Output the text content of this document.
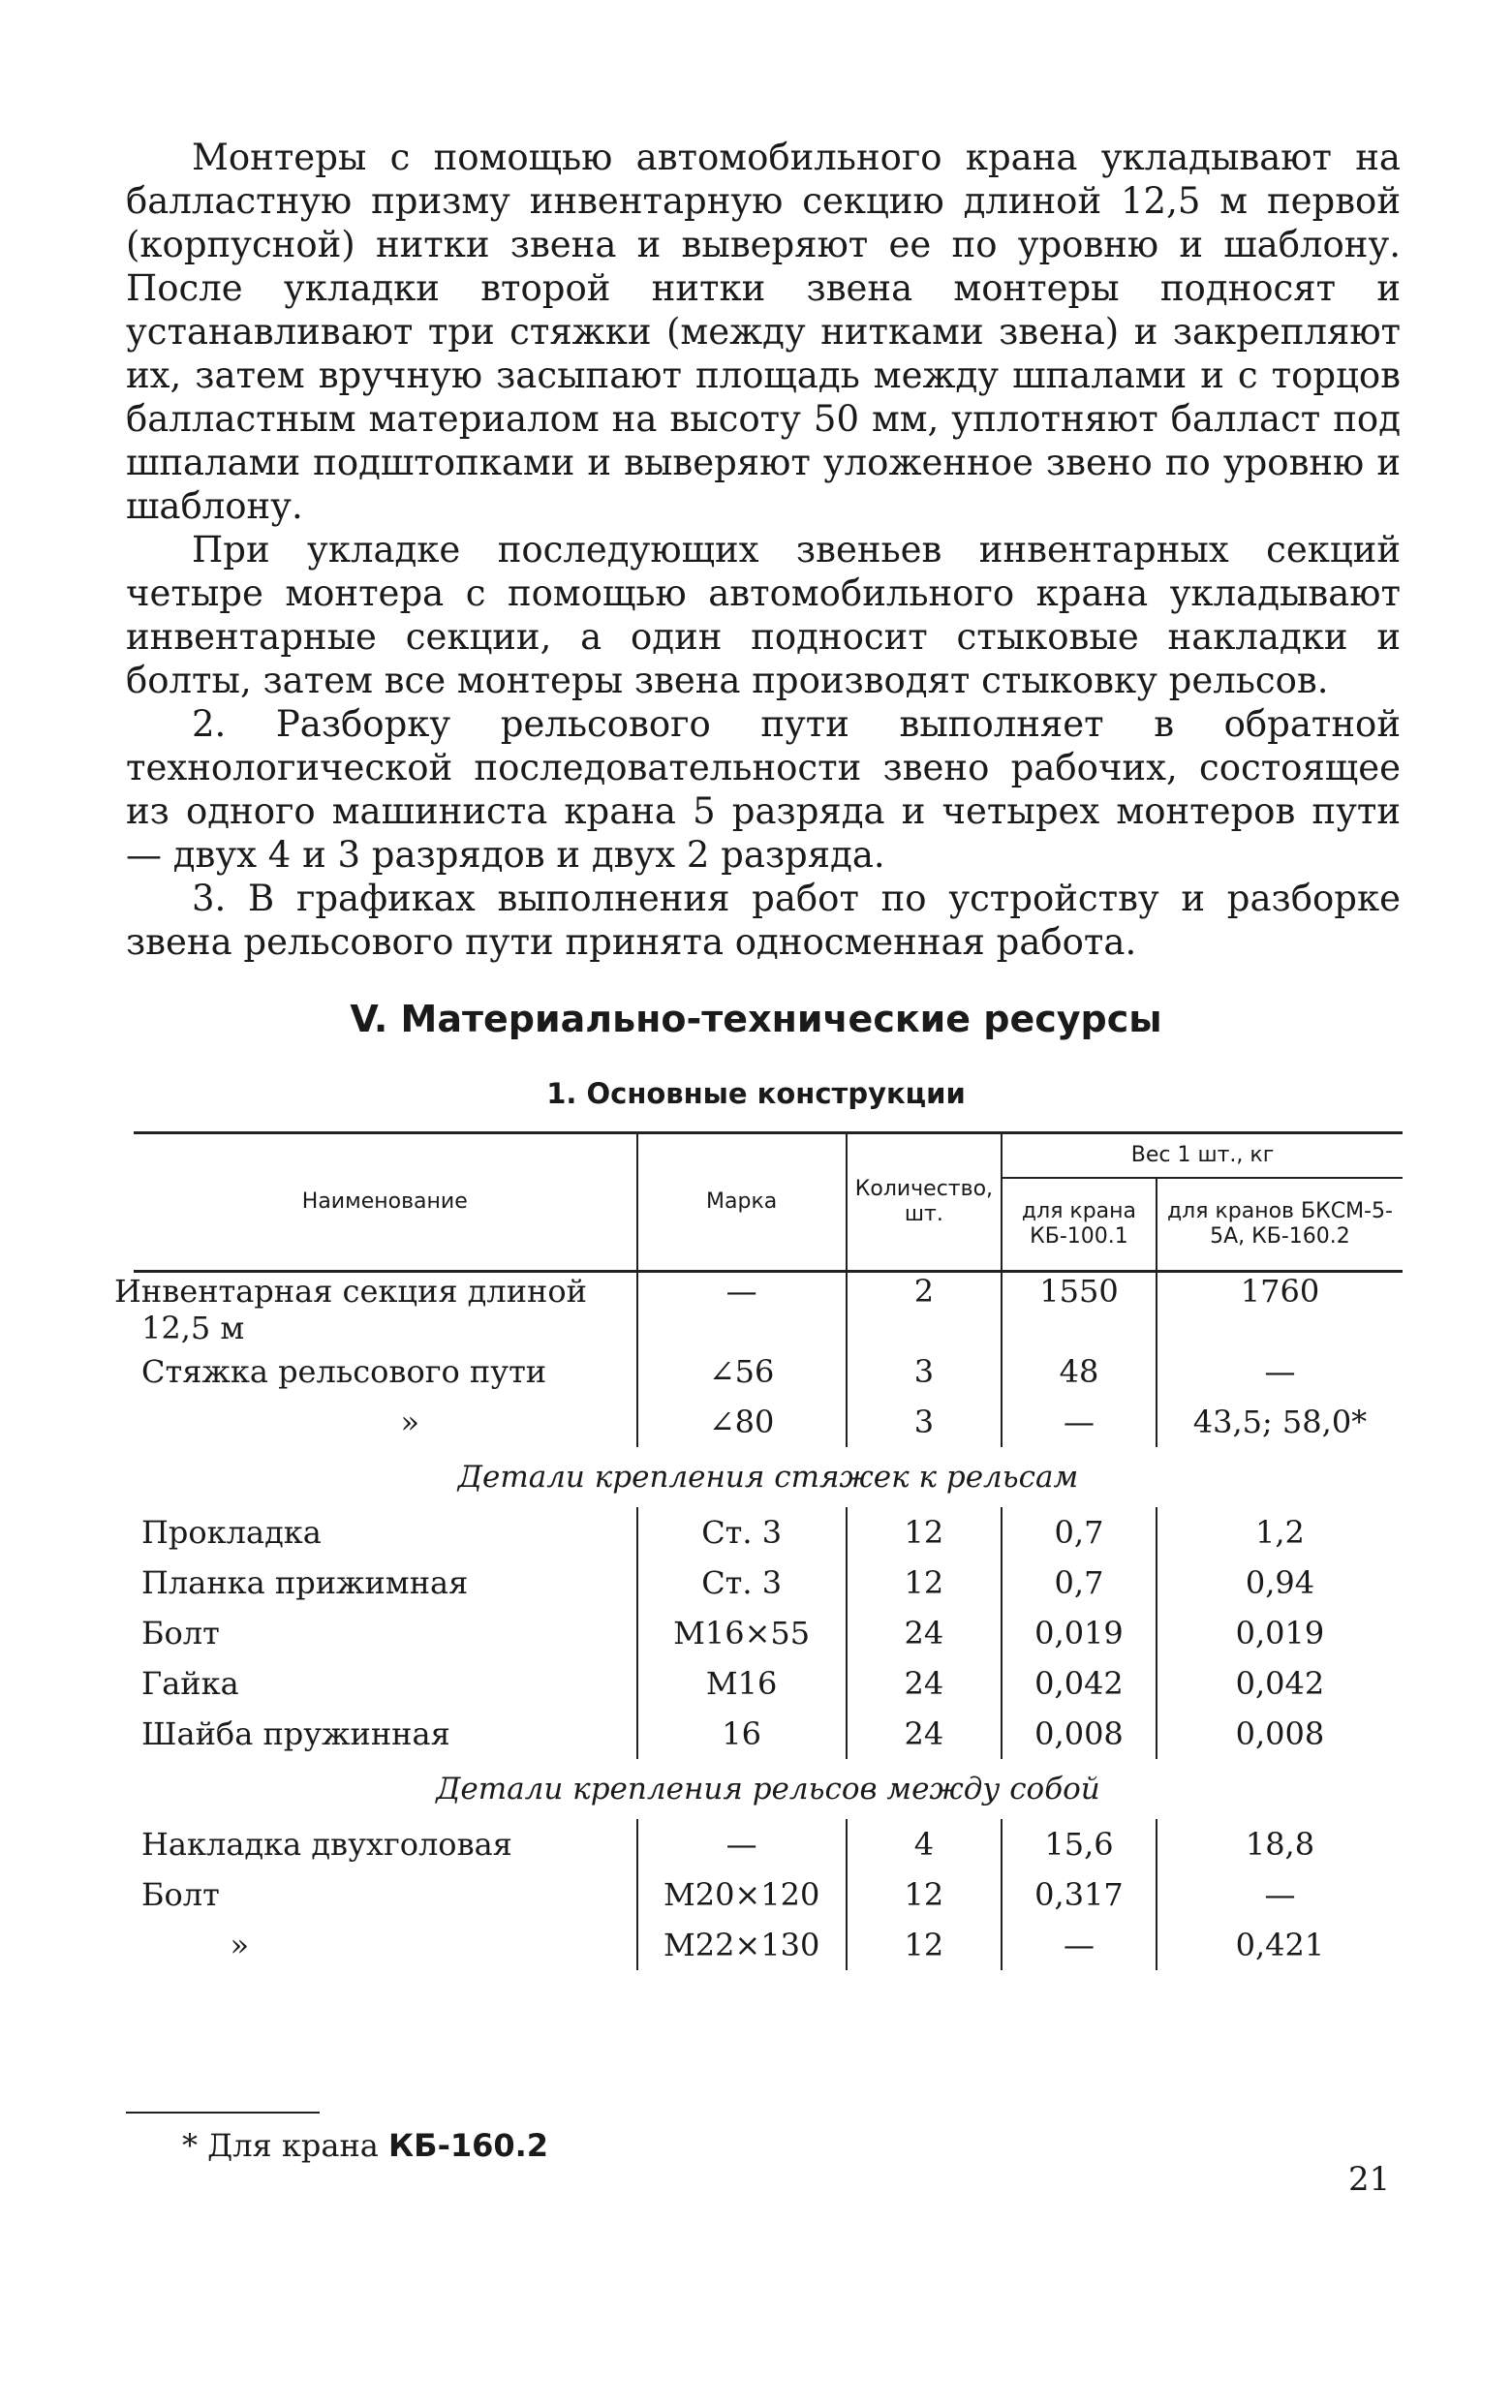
Монтеры с помощью автомобильного крана укладывают на балластную призму инвентарную секцию длиной 12,5 м первой (корпусной) нитки звена и выверяют ее по уровню и шаблону. После укладки второй нитки звена монтеры подносят и устанавливают три стяжки (между нитками звена) и закрепляют их, затем вручную засыпают площадь между шпалами и с торцов балластным материалом на высоту 50 мм, уплотняют балласт под шпалами подштопками и выверяют уложенное звено по уровню и шаблону.

При укладке последующих звеньев инвентарных секций четыре монтера с помощью автомобильного крана укладывают инвентарные секции, а один подносит стыковые накладки и болты, затем все монтеры звена производят стыковку рельсов.

2. Разборку рельсового пути выполняет в обратной технологической последовательности звено рабочих, состоящее из одного машиниста крана 5 разряда и четырех монтеров пути — двух 4 и 3 разрядов и двух 2 разряда.

3. В графиках выполнения работ по устройству и разборке звена рельсового пути принята односменная работа.

V. Материально-технические ресурсы
1. Основные конструкции
Наименование	Марка	Количество, шт.	Вес 1 шт., кг	
			для крана КБ-100.1	для кранов БКСМ-5-5А, КБ-160.2

Инвентарная секция длиной 12,5 м	—	2	1550	1760
Стяжка рельсового пути	∠56	3	48	—
»	∠80	3	—	43,5; 58,0*
Детали крепления стяжек к рельсам				
Прокладка	Ст. 3	12	0,7	1,2
Планка прижимная	Ст. 3	12	0,7	0,94
Болт	М16×55	24	0,019	0,019
Гайка	М16	24	0,042	0,042
Шайба пружинная	16	24	0,008	0,008
Детали крепления рельсов между собой				
Накладка двухголовая	—	4	15,6	18,8
Болт	М20×120	12	0,317	—
»	М22×130	12	—	0,421
* Для крана КБ-160.2
21
